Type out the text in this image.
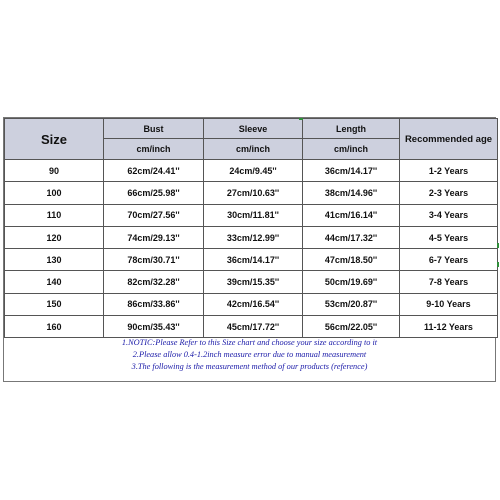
Size	Bust	Sleeve	Length	Recommended age
	cm/inch	cm/inch	cm/inch	
90	62cm/24.41''	24cm/9.45''	36cm/14.17''	1-2 Years
100	66cm/25.98''	27cm/10.63''	38cm/14.96''	2-3 Years
110	70cm/27.56''	30cm/11.81''	41cm/16.14''	3-4 Years
120	74cm/29.13''	33cm/12.99''	44cm/17.32''	4-5 Years
130	78cm/30.71''	36cm/14.17''	47cm/18.50''	6-7 Years
140	82cm/32.28''	39cm/15.35''	50cm/19.69''	7-8 Years
150	86cm/33.86''	42cm/16.54''	53cm/20.87''	9-10 Years
160	90cm/35.43''	45cm/17.72''	56cm/22.05''	11-12 Years
1.NOTIC:Please Refer to this Size chart and choose your size according to it
2.Please allow 0.4-1.2inch measure error due to manual measurement
3.The following is the measurement method of our products (reference)
